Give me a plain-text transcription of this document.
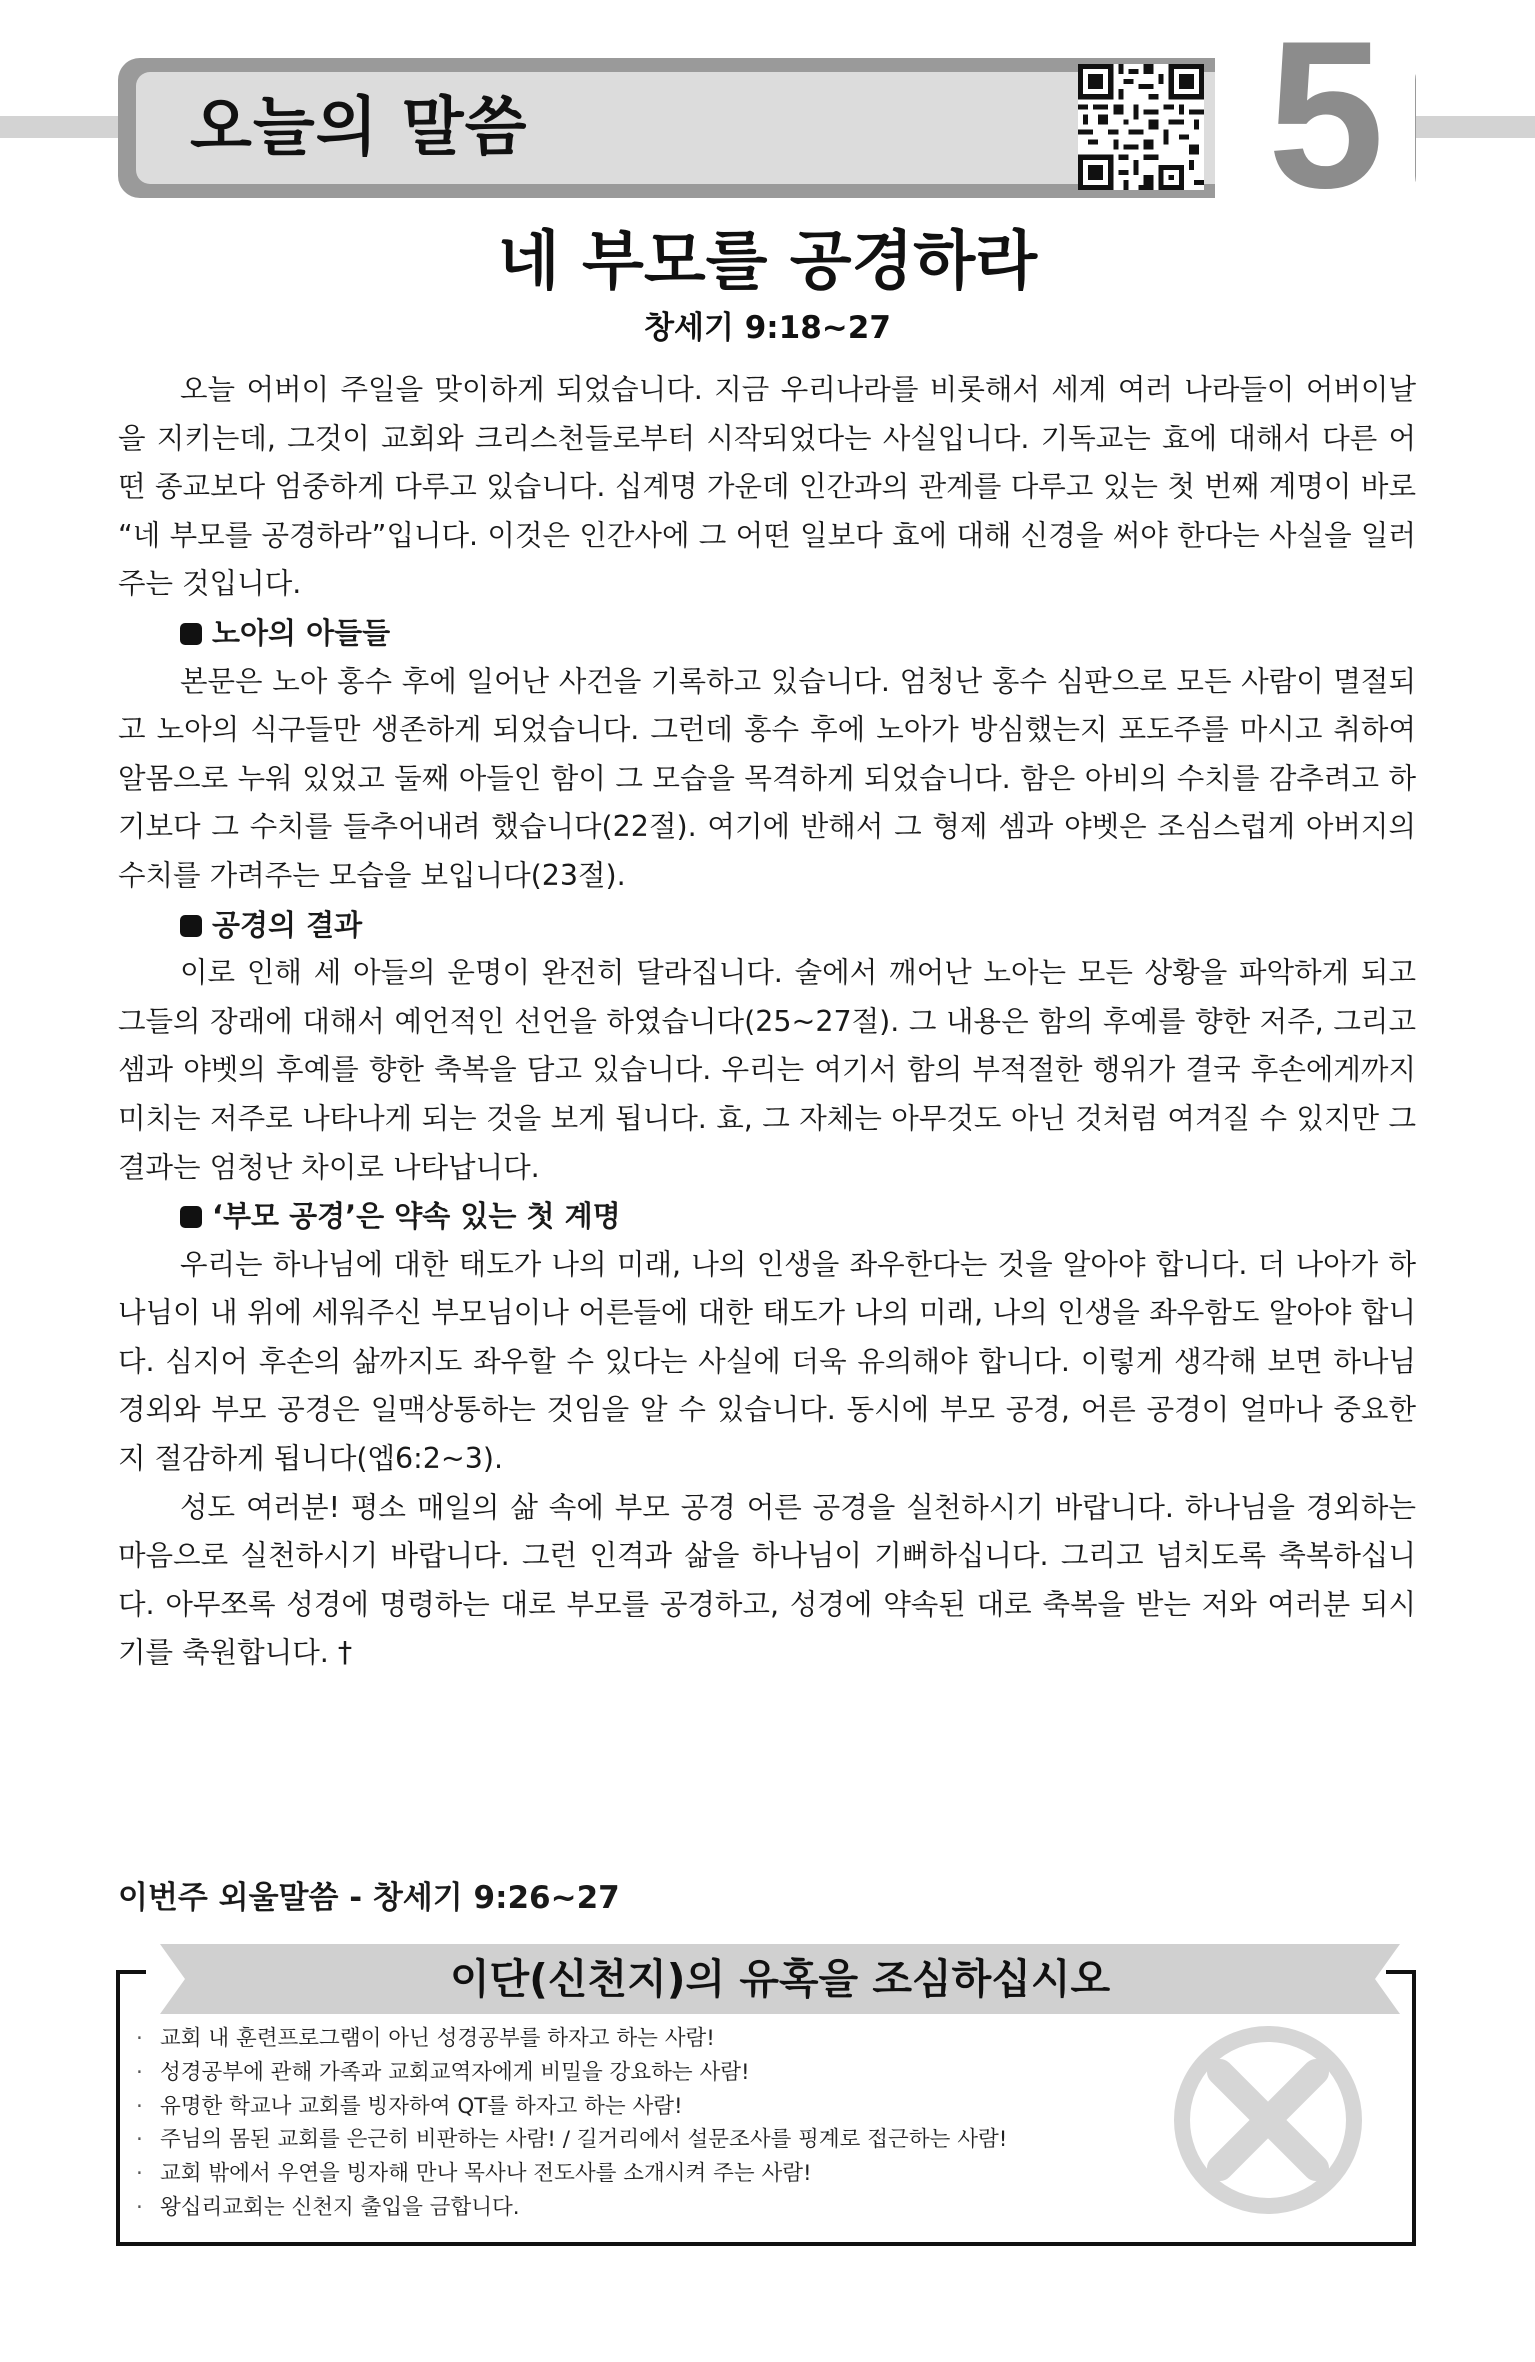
오늘의 말씀	5
네 부모를 공경하라
창세기 9:18~27

오늘 어버이 주일을 맞이하게 되었습니다. 지금 우리나라를 비롯해서 세계 여러 나라들이 어버이날을 지키는데, 그것이 교회와 크리스천들로부터 시작되었다는 사실입니다. 기독교는 효에 대해서 다른 어떤 종교보다 엄중하게 다루고 있습니다. 십계명 가운데 인간과의 관계를 다루고 있는 첫 번째 계명이 바로 “네 부모를 공경하라”입니다. 이것은 인간사에 그 어떤 일보다 효에 대해 신경을 써야 한다는 사실을 일러주는 것입니다.

노아의 아들들

본문은 노아 홍수 후에 일어난 사건을 기록하고 있습니다. 엄청난 홍수 심판으로 모든 사람이 멸절되고 노아의 식구들만 생존하게 되었습니다. 그런데 홍수 후에 노아가 방심했는지 포도주를 마시고 취하여 알몸으로 누워 있었고 둘째 아들인 함이 그 모습을 목격하게 되었습니다. 함은 아비의 수치를 감추려고 하기보다 그 수치를 들추어내려 했습니다(22절). 여기에 반해서 그 형제 셈과 야벳은 조심스럽게 아버지의 수치를 가려주는 모습을 보입니다(23절).

공경의 결과

이로 인해 세 아들의 운명이 완전히 달라집니다. 술에서 깨어난 노아는 모든 상황을 파악하게 되고 그들의 장래에 대해서 예언적인 선언을 하였습니다(25~27절). 그 내용은 함의 후예를 향한 저주, 그리고 셈과 야벳의 후예를 향한 축복을 담고 있습니다. 우리는 여기서 함의 부적절한 행위가 결국 후손에게까지 미치는 저주로 나타나게 되는 것을 보게 됩니다. 효, 그 자체는 아무것도 아닌 것처럼 여겨질 수 있지만 그 결과는 엄청난 차이로 나타납니다.

‘부모 공경’은 약속 있는 첫 계명

우리는 하나님에 대한 태도가 나의 미래, 나의 인생을 좌우한다는 것을 알아야 합니다. 더 나아가 하나님이 내 위에 세워주신 부모님이나 어른들에 대한 태도가 나의 미래, 나의 인생을 좌우함도 알아야 합니다. 심지어 후손의 삶까지도 좌우할 수 있다는 사실에 더욱 유의해야 합니다. 이렇게 생각해 보면 하나님 경외와 부모 공경은 일맥상통하는 것임을 알 수 있습니다. 동시에 부모 공경, 어른 공경이 얼마나 중요한지 절감하게 됩니다(엡6:2~3).

성도 여러분! 평소 매일의 삶 속에 부모 공경 어른 공경을 실천하시기 바랍니다. 하나님을 경외하는 마음으로 실천하시기 바랍니다. 그런 인격과 삶을 하나님이 기뻐하십니다. 그리고 넘치도록 축복하십니다. 아무쪼록 성경에 명령하는 대로 부모를 공경하고, 성경에 약속된 대로 축복을 받는 저와 여러분 되시기를 축원합니다. †

이번주 외울말씀 - 창세기 9:26~27
이단(신천지)의 유혹을 조심하십시오
· 교회 내 훈련프로그램이 아닌 성경공부를 하자고 하는 사람!
· 성경공부에 관해 가족과 교회교역자에게 비밀을 강요하는 사람!
· 유명한 학교나 교회를 빙자하여 QT를 하자고 하는 사람!
· 주님의 몸된 교회를 은근히 비판하는 사람! / 길거리에서 설문조사를 핑계로 접근하는 사람!
· 교회 밖에서 우연을 빙자해 만나 목사나 전도사를 소개시켜 주는 사람!
· 왕십리교회는 신천지 출입을 금합니다.
